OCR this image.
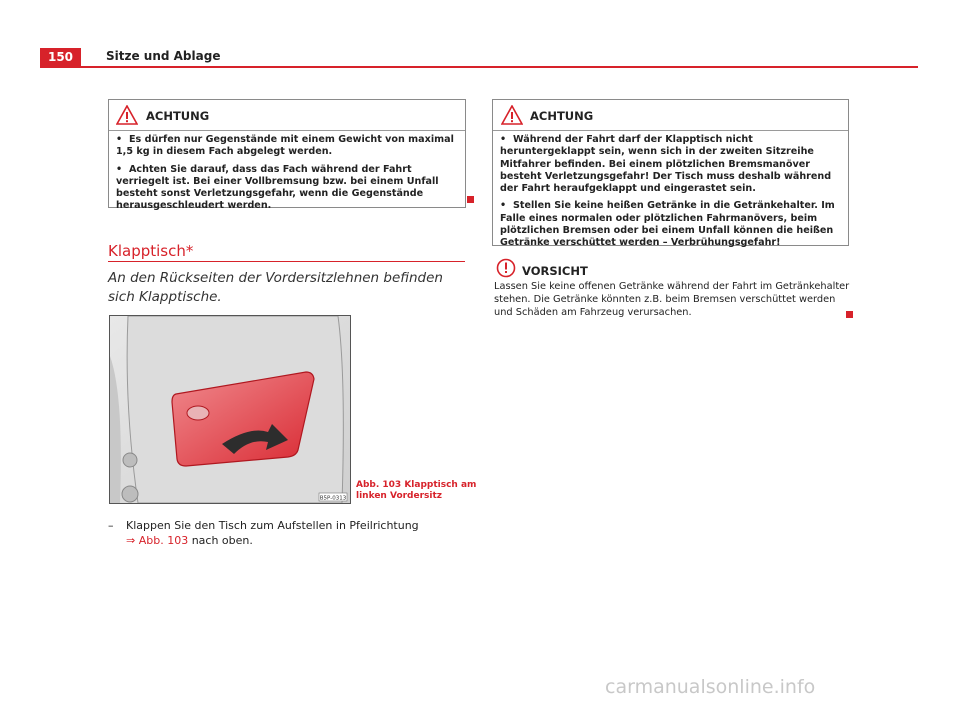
150	Sitze und Ablage
ACHTUNG

• Es dürfen nur Gegenstände mit einem Gewicht von maximal 1,5 kg in diesem Fach abgelegt werden.

• Achten Sie darauf, dass das Fach während der Fahrt verriegelt ist. Bei einer Vollbremsung bzw. bei einem Unfall besteht sonst Verletzungsgefahr, wenn die Gegenstände herausgeschleudert werden.

Klapptisch*
An den Rückseiten der Vordersitzlehnen befinden sich Klapptische.
B5P-0313
Abb. 103 Klapptisch am
linken Vordersitz
– Klappen Sie den Tisch zum Aufstellen in Pfeilrichtung
⇒ Abb. 103 nach oben.
ACHTUNG

• Während der Fahrt darf der Klapptisch nicht heruntergeklappt sein, wenn sich in der zweiten Sitzreihe Mitfahrer befinden. Bei einem plötzlichen Bremsmanöver besteht Verletzungsgefahr! Der Tisch muss deshalb während der Fahrt heraufgeklappt und eingerastet sein.

• Stellen Sie keine heißen Getränke in die Getränkehalter. Im Falle eines normalen oder plötzlichen Fahrmanövers, beim plötzlichen Bremsen oder bei einem Unfall können die heißen Getränke verschüttet werden – Verbrühungsgefahr!

VORSICHT
Lassen Sie keine offenen Getränke während der Fahrt im Getränkehalter stehen. Die Getränke könnten z.B. beim Bremsen verschüttet werden und Schäden am Fahrzeug verursachen.
carmanualsonline.info
